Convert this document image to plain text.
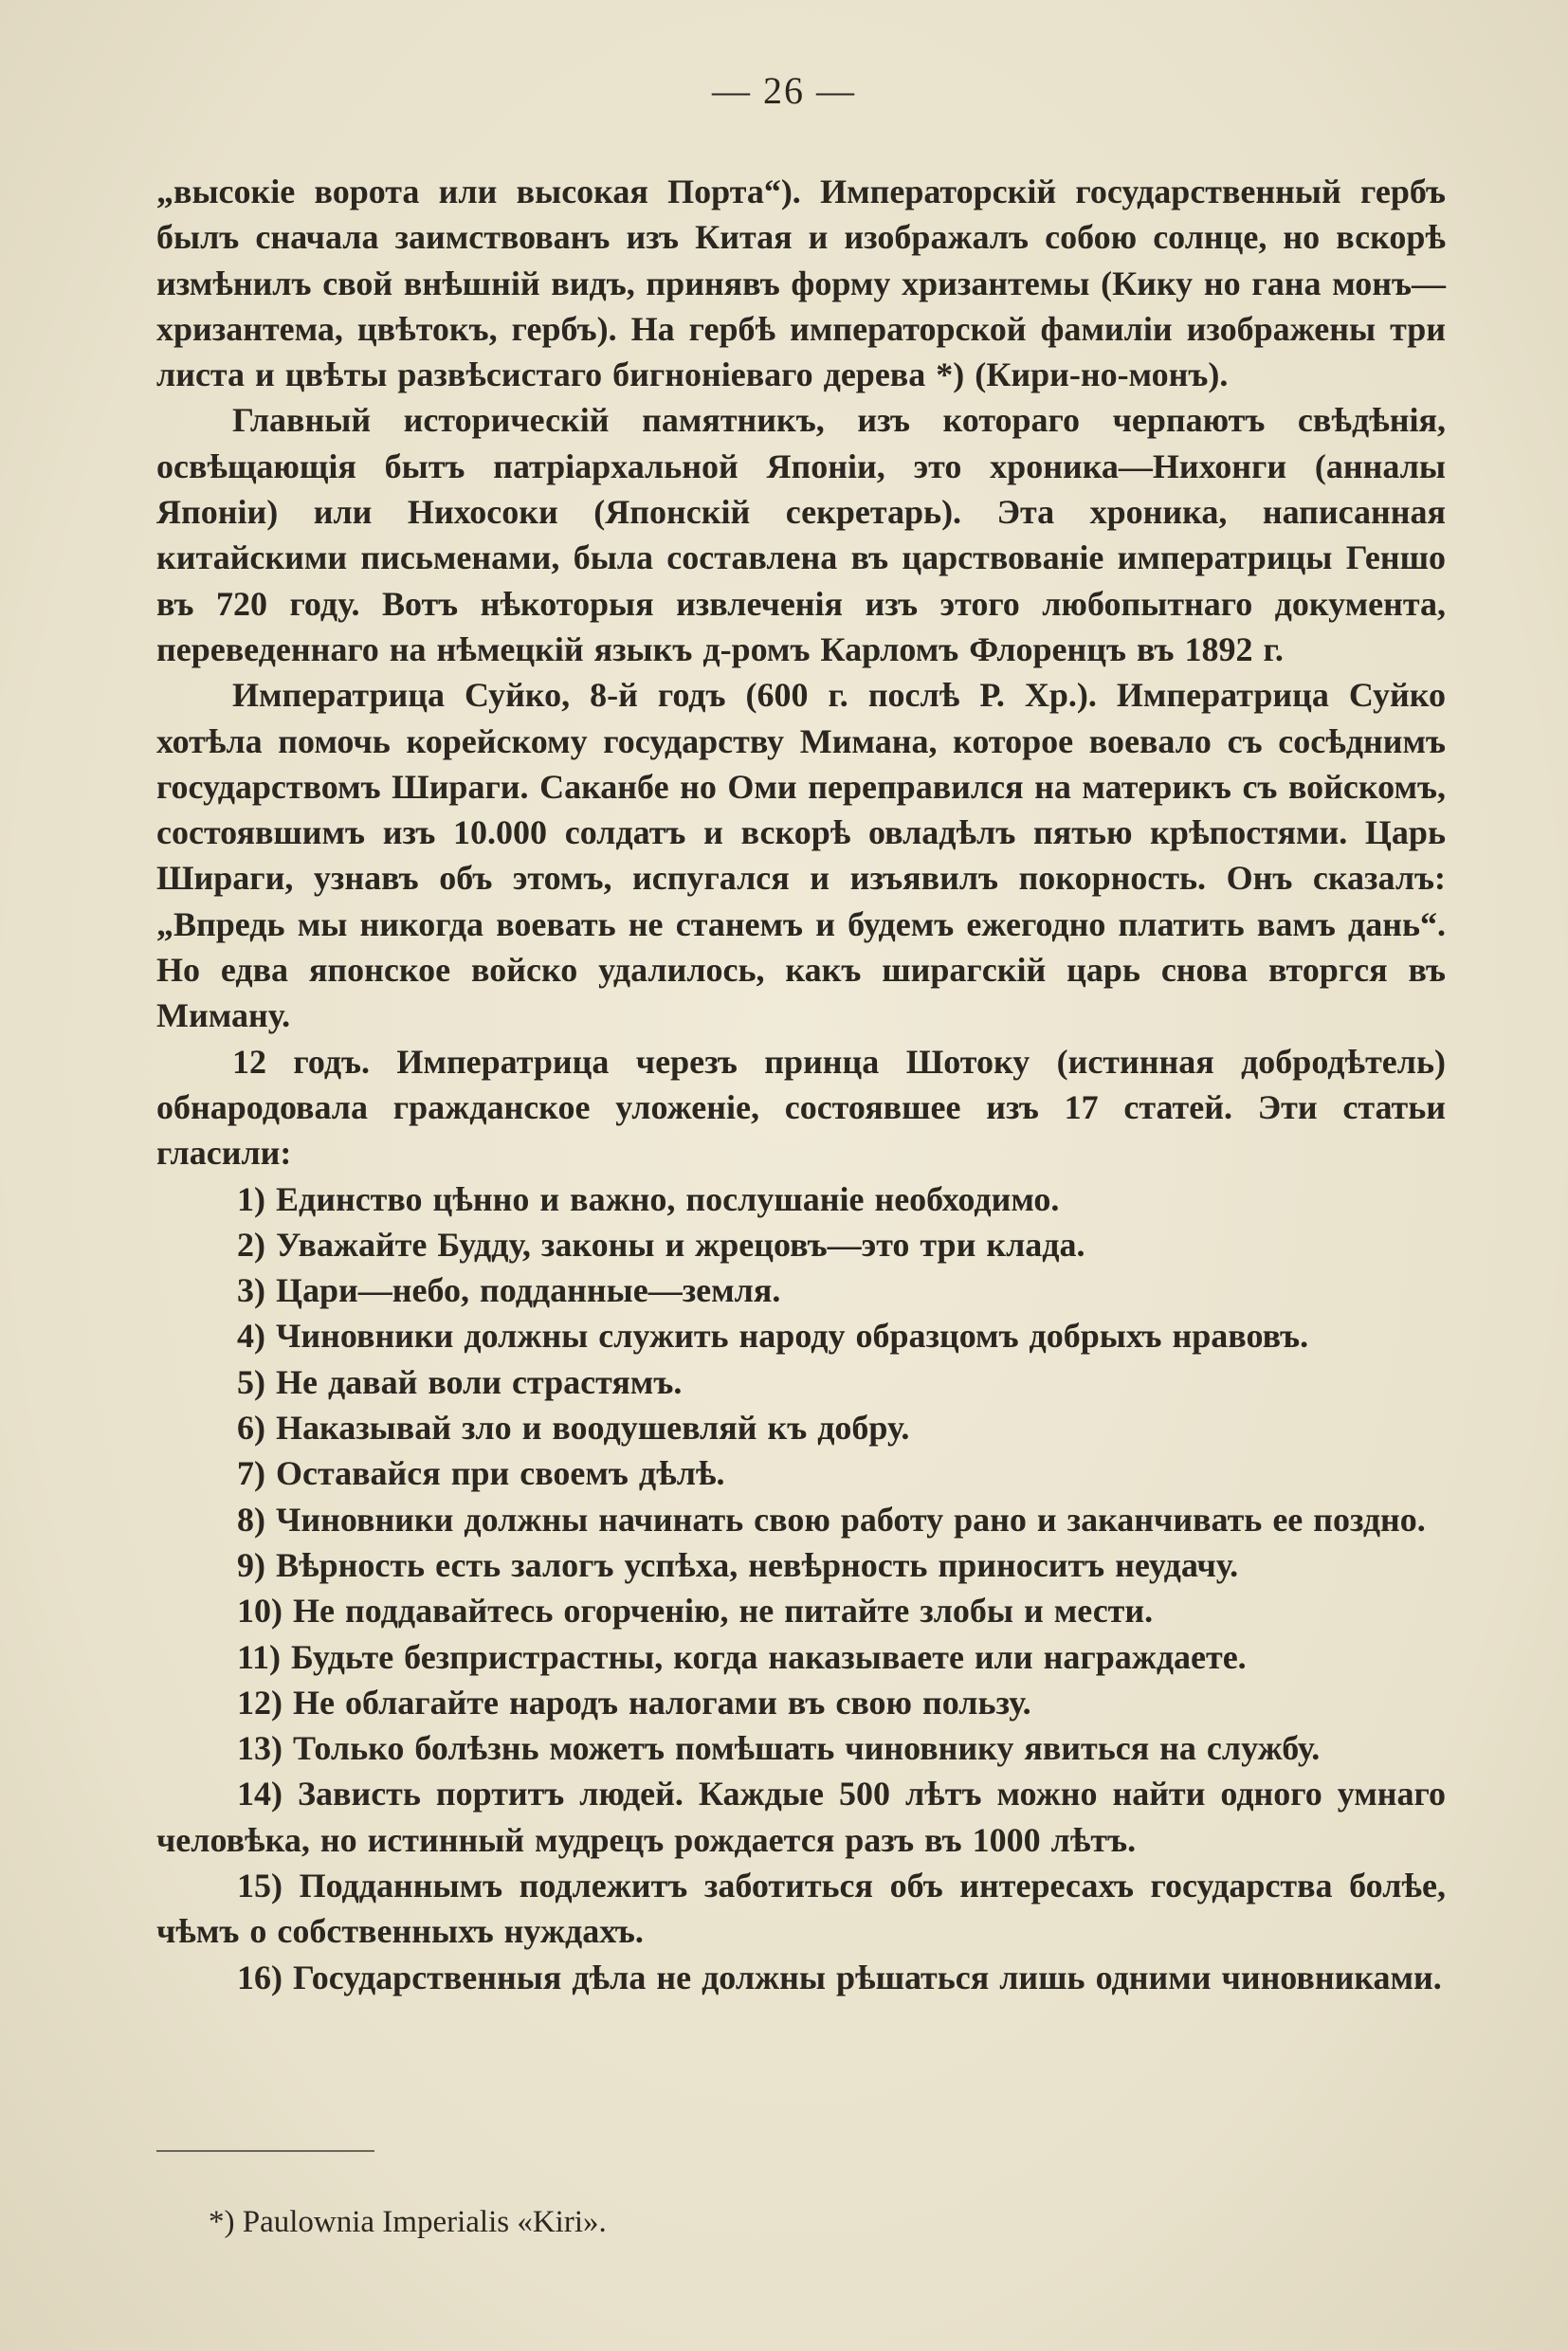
— 26 —

„высокіе ворота или высокая Порта“). Императорскій государственный гербъ былъ сначала заимствованъ изъ Китая и изображалъ собою солнце, но вскорѣ измѣнилъ свой внѣшній видъ, принявъ форму хризантемы (Кику но гана монъ—хризантема, цвѣтокъ, гербъ). На гербѣ императорской фамиліи изображены три листа и цвѣты развѣсистаго бигноніеваго дерева *) (Кири-но-монъ).

Главный историческій памятникъ, изъ котораго черпаютъ свѣдѣнія, освѣщающія бытъ патріархальной Японіи, это хроника—Нихонги (анналы Японіи) или Нихосоки (Японскій секретарь). Эта хроника, написанная китайскими письменами, была составлена въ царствованіе императрицы Геншо въ 720 году. Вотъ нѣкоторыя извлеченія изъ этого любопытнаго документа, переведеннаго на нѣмецкій языкъ д-ромъ Карломъ Флоренцъ въ 1892 г.

Императрица Суйко, 8-й годъ (600 г. послѣ Р. Хр.). Императрица Суйко хотѣла помочь корейскому государству Мимана, которое воевало съ сосѣднимъ государствомъ Шираги. Саканбе но Оми переправился на материкъ съ войскомъ, состоявшимъ изъ 10.000 солдатъ и вскорѣ овладѣлъ пятью крѣпостями. Царь Шираги, узнавъ объ этомъ, испугался и изъявилъ покорность. Онъ сказалъ: „Впредь мы никогда воевать не станемъ и будемъ ежегодно платить вамъ дань“. Но едва японское войско удалилось, какъ ширагскій царь снова вторгся въ Миману.

12 годъ. Императрица черезъ принца Шотоку (истинная добродѣтель) обнародовала гражданское уложеніе, состоявшее изъ 17 статей. Эти статьи гласили:

1) Единство цѣнно и важно, послушаніе необходимо.
2) Уважайте Будду, законы и жрецовъ—это три клада.
3) Цари—небо, подданные—земля.
4) Чиновники должны служить народу образцомъ добрыхъ нравовъ.
5) Не давай воли страстямъ.
6) Наказывай зло и воодушевляй къ добру.
7) Оставайся при своемъ дѣлѣ.
8) Чиновники должны начинать свою работу рано и заканчивать ее поздно.
9) Вѣрность есть залогъ успѣха, невѣрность приноситъ неудачу.
10) Не поддавайтесь огорченію, не питайте злобы и мести.
11) Будьте безпристрастны, когда наказываете или награждаете.
12) Не облагайте народъ налогами въ свою пользу.
13) Только болѣзнь можетъ помѣшать чиновнику явиться на службу.
14) Зависть портитъ людей. Каждые 500 лѣтъ можно найти одного умнаго человѣка, но истинный мудрецъ рождается разъ въ 1000 лѣтъ.
15) Подданнымъ подлежитъ заботиться объ интересахъ государства болѣе, чѣмъ о собственныхъ нуждахъ.
16) Государственныя дѣла не должны рѣшаться лишь одними чиновниками.
*) Paulownia Imperialis «Kiri».
